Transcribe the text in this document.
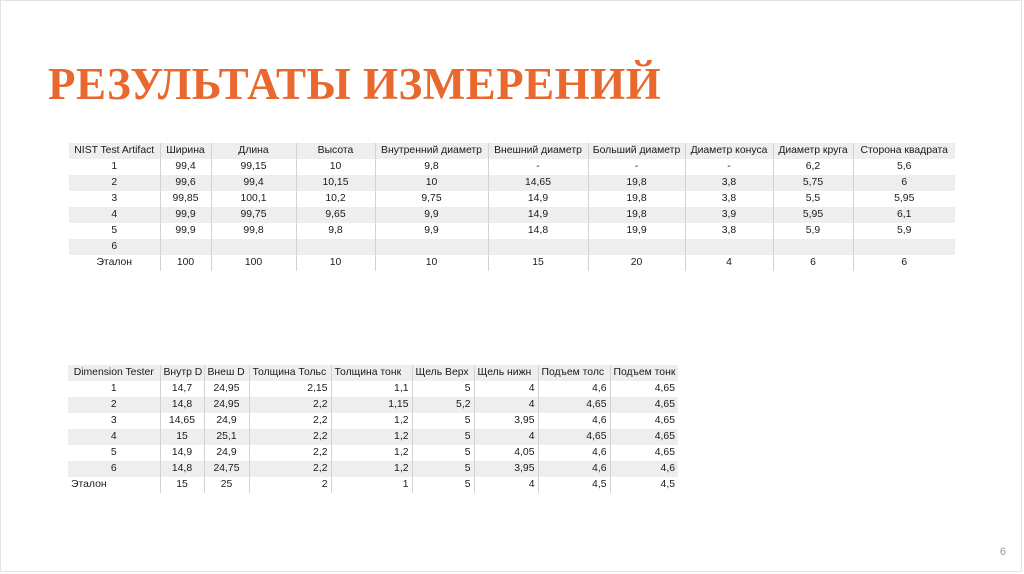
РЕЗУЛЬТАТЫ ИЗМЕРЕНИЙ
NIST Test Artifact	Ширина	Длина	Высота	Внутренний диаметр	Внешний диаметр	Больший диаметр	Диаметр конуса	Диаметр круга	Сторона квадрата
1	99,4	99,15	10	9,8	-	-	-	6,2	5,6
2	99,6	99,4	10,15	10	14,65	19,8	3,8	5,75	6
3	99,85	100,1	10,2	9,75	14,9	19,8	3,8	5,5	5,95
4	99,9	99,75	9,65	9,9	14,9	19,8	3,9	5,95	6,1
5	99,9	99,8	9,8	9,9	14,8	19,9	3,8	5,9	5,9
6									
Эталон	100	100	10	10	15	20	4	6	6
Dimension Tester	Внутр D	Внеш D	Толщина Тольс	Толщина тонк	Щель Верх	Щель нижн	Подъем толс	Подъем тонк
1	14,7	24,95	2,15	1,1	5	4	4,6	4,65
2	14,8	24,95	2,2	1,15	5,2	4	4,65	4,65
3	14,65	24,9	2,2	1,2	5	3,95	4,6	4,65
4	15	25,1	2,2	1,2	5	4	4,65	4,65
5	14,9	24,9	2,2	1,2	5	4,05	4,6	4,65
6	14,8	24,75	2,2	1,2	5	3,95	4,6	4,6
Эталон	15	25	2	1	5	4	4,5	4,5
6
